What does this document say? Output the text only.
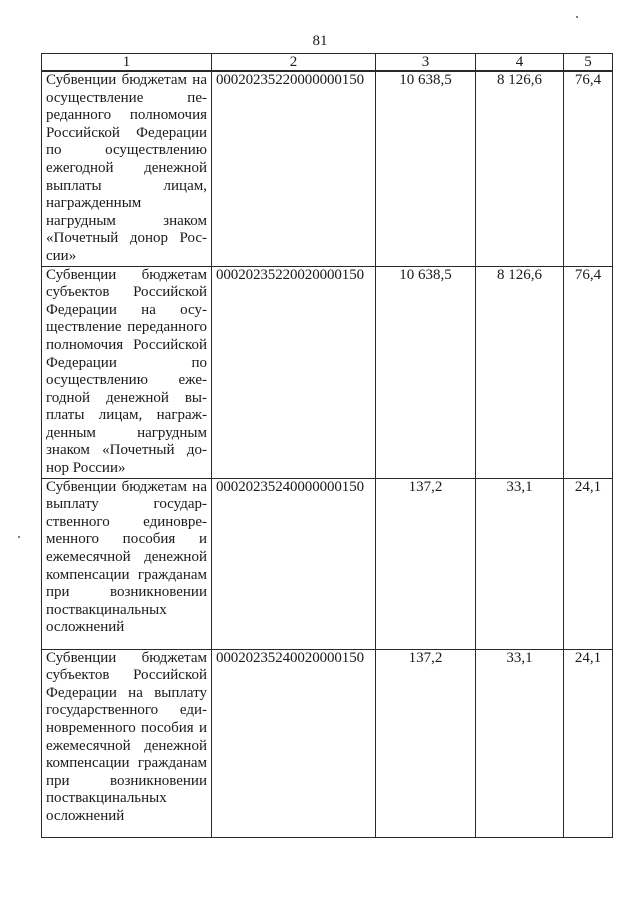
81
1	2	3	4	5
Субвенции бюджетам на осуществление переданного полномочия Российской Федерации по осуществлению ежегодной денежной выплаты лицам, награжденным нагрудным знаком «Почетный донор России»	00020235220000000150	10 638,5	8 126,6	76,4
Субвенции бюджетам субъектов Российской Федерации на осуществление переданного полномочия Российской Федерации по осуществлению ежегодной денежной выплаты лицам, награжденным нагрудным знаком «Почетный донор России»	00020235220020000150	10 638,5	8 126,6	76,4
Субвенции бюджетам на выплату государственного единовременного пособия и ежемесячной денежной компенсации гражданам при возникновении поствакцинальных осложнений	00020235240000000150	137,2	33,1	24,1
Субвенции бюджетам субъектов Российской Федерации на выплату государственного единовременного пособия и ежемесячной денежной компенсации гражданам при возникновении поствакцинальных осложнений	00020235240020000150	137,2	33,1	24,1
